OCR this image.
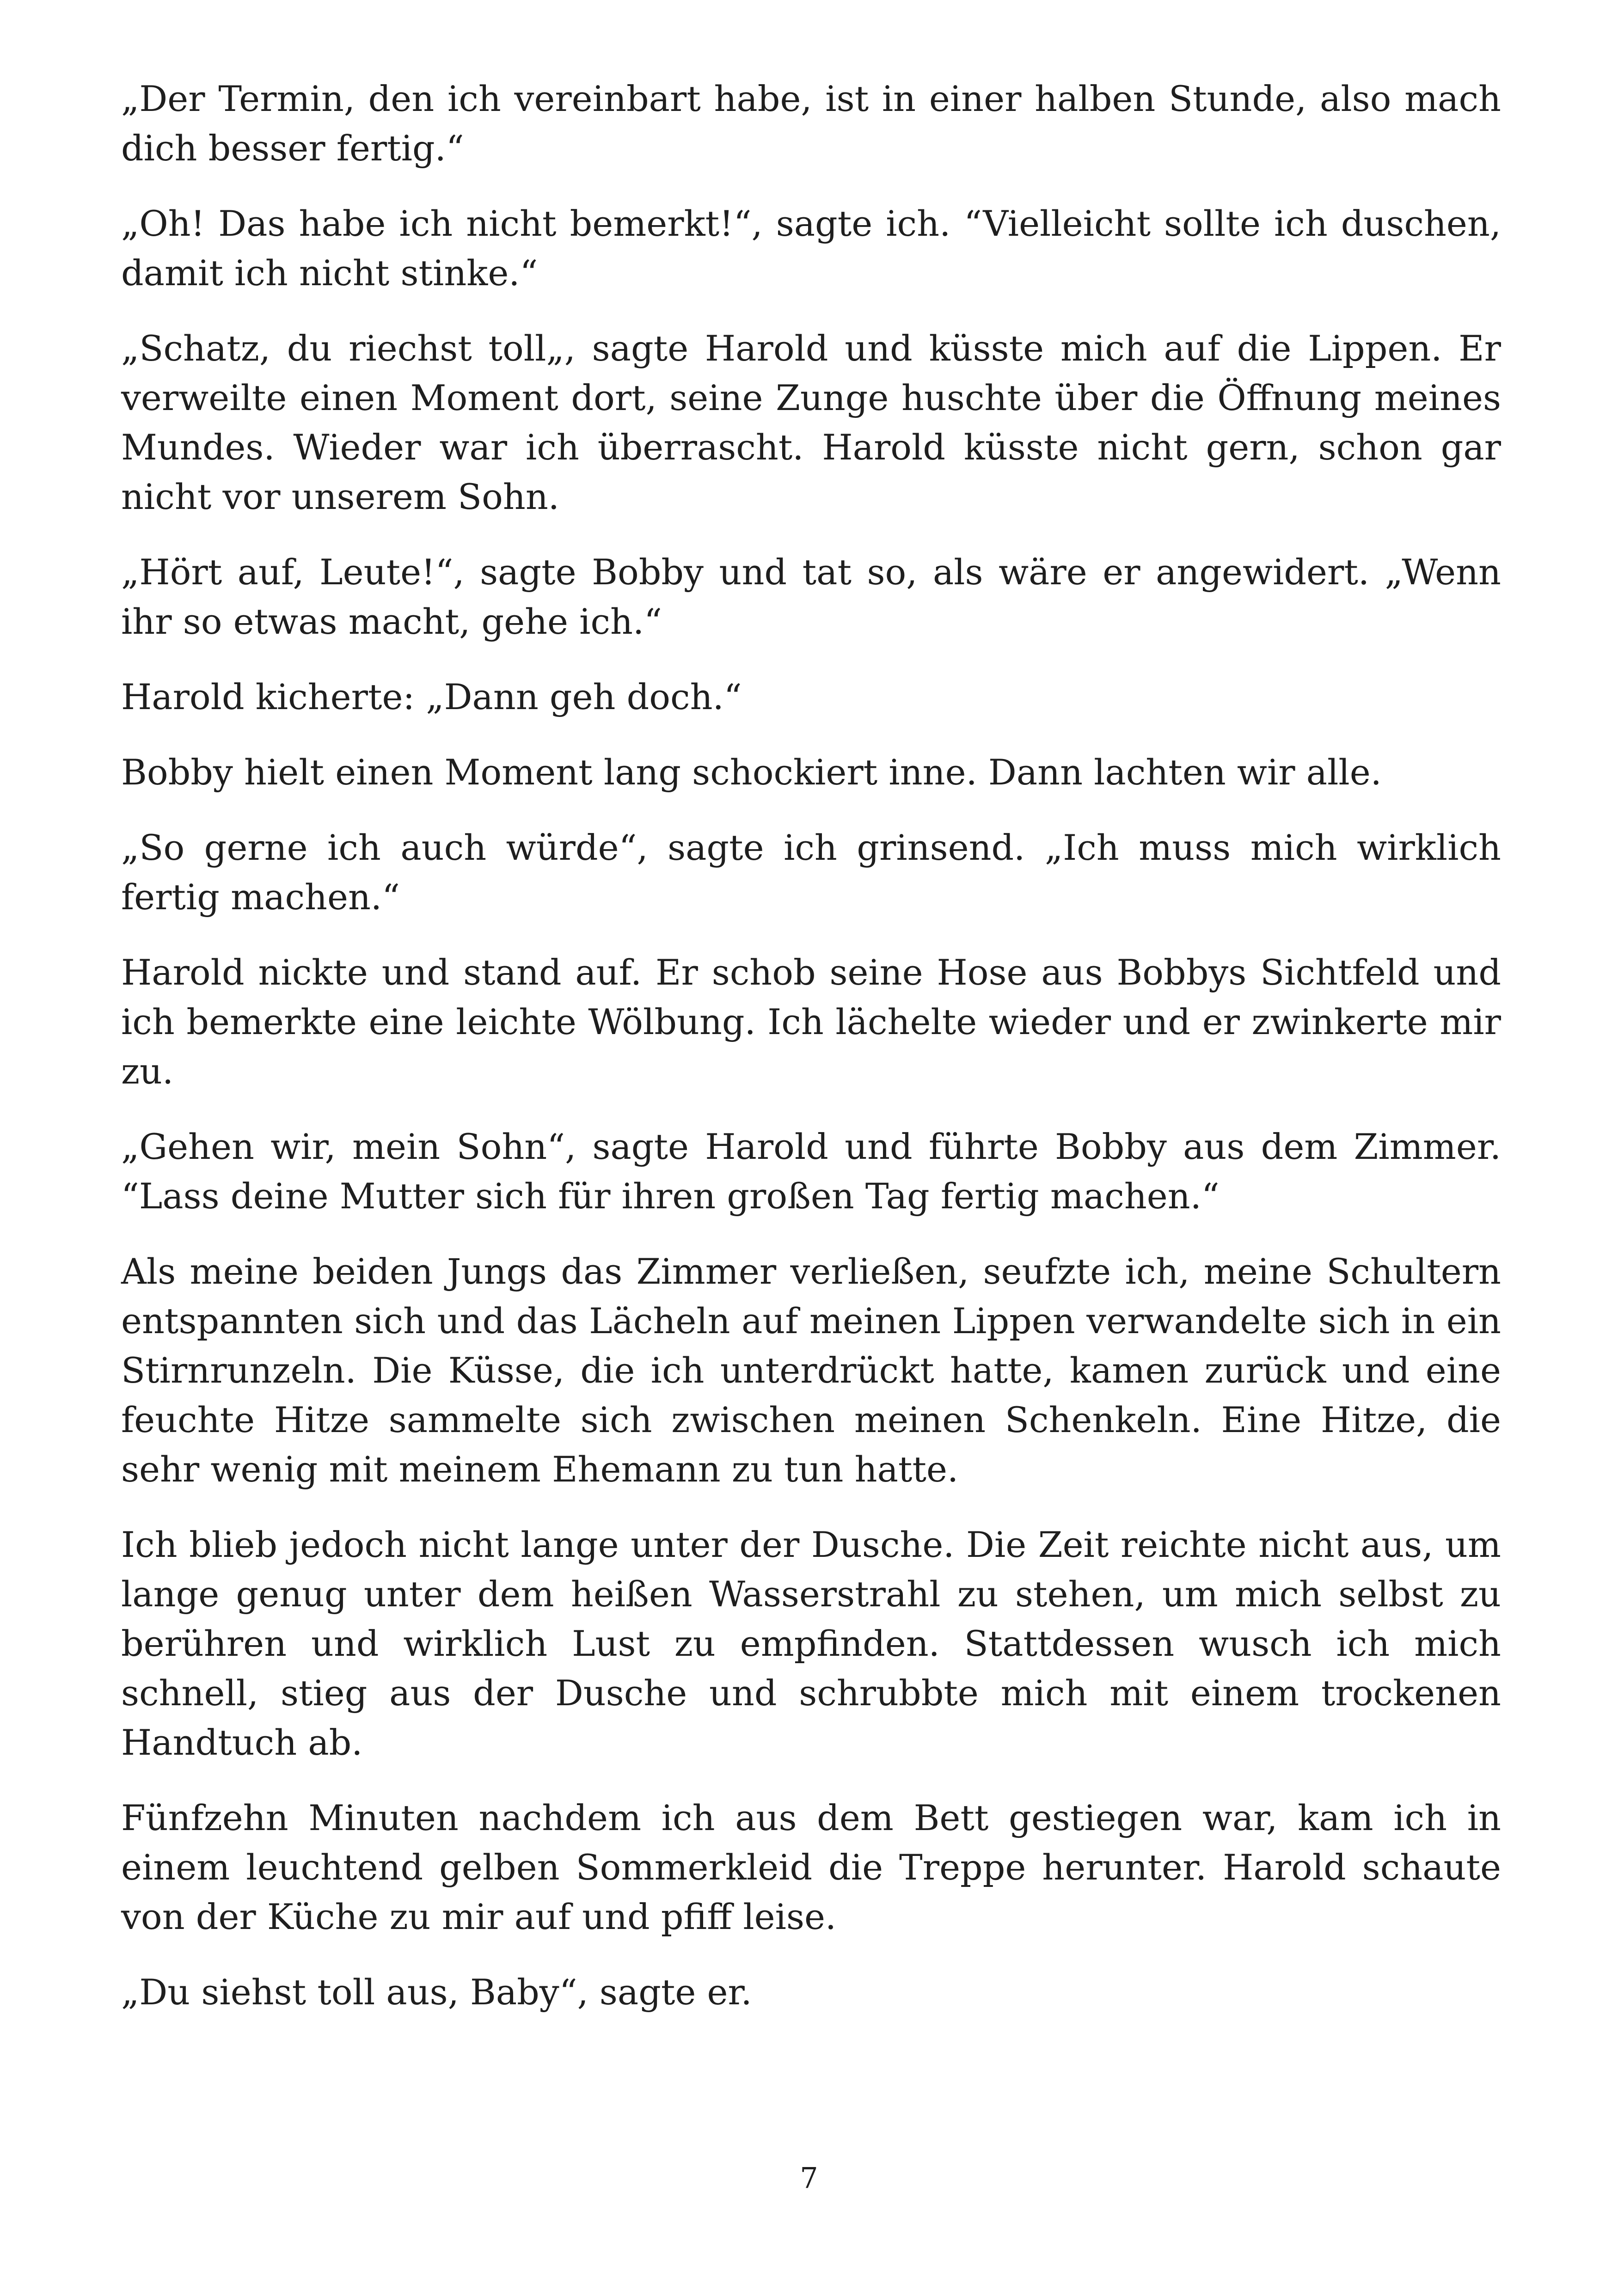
„Der Termin, den ich vereinbart habe, ist in einer halben Stunde, also mach dich besser fertig.“

„Oh! Das habe ich nicht bemerkt!“, sagte ich. “Vielleicht sollte ich duschen, damit ich nicht stinke.“

„Schatz, du riechst toll„, sagte Harold und küsste mich auf die Lippen. Er verweilte einen Moment dort, seine Zunge huschte über die Öffnung meines Mundes. Wieder war ich überrascht. Harold küsste nicht gern, schon gar nicht vor unserem Sohn.

„Hört auf, Leute!“, sagte Bobby und tat so, als wäre er angewidert. „Wenn ihr so etwas macht, gehe ich.“

Harold kicherte: „Dann geh doch.“

Bobby hielt einen Moment lang schockiert inne. Dann lachten wir alle.

„So gerne ich auch würde“, sagte ich grinsend. „Ich muss mich wirklich fertig machen.“

Harold nickte und stand auf. Er schob seine Hose aus Bobbys Sichtfeld und ich bemerkte eine leichte Wölbung. Ich lächelte wieder und er zwinkerte mir zu.

„Gehen wir, mein Sohn“, sagte Harold und führte Bobby aus dem Zimmer. “Lass deine Mutter sich für ihren großen Tag fertig machen.“

Als meine beiden Jungs das Zimmer verließen, seufzte ich, meine Schultern entspannten sich und das Lächeln auf meinen Lippen verwandelte sich in ein Stirnrunzeln. Die Küsse, die ich unterdrückt hatte, kamen zurück und eine feuchte Hitze sammelte sich zwischen meinen Schenkeln. Eine Hitze, die sehr wenig mit meinem Ehemann zu tun hatte.

Ich blieb jedoch nicht lange unter der Dusche. Die Zeit reichte nicht aus, um lange genug unter dem heißen Wasserstrahl zu stehen, um mich selbst zu berühren und wirklich Lust zu empfinden. Stattdessen wusch ich mich schnell, stieg aus der Dusche und schrubbte mich mit einem trockenen Handtuch ab.

Fünfzehn Minuten nachdem ich aus dem Bett gestiegen war, kam ich in einem leuchtend gelben Sommerkleid die Treppe herunter. Harold schaute von der Küche zu mir auf und pfiff leise.

„Du siehst toll aus, Baby“, sagte er.

7
